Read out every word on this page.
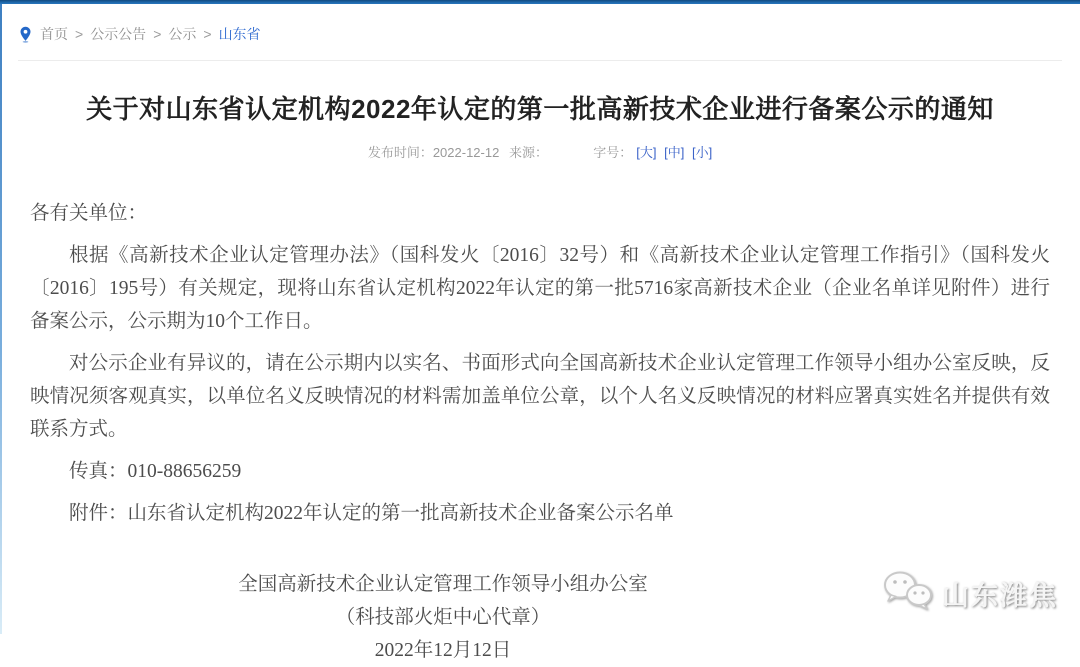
首页 > 公示公告 > 公示 > 山东省
关于对山东省认定机构2022年认定的第一批高新技术企业进行备案公示的通知
发布时间：2022-12-12 来源：	字号： [大] [中] [小]

各有关单位：

根据《高新技术企业认定管理办法》（国科发火〔2016〕32号）和《高新技术企业认定管理工作指引》（国科发火〔2016〕195号）有关规定，现将山东省认定机构2022年认定的第一批5716家高新技术企业（企业名单详见附件）进行备案公示，公示期为10个工作日。

对公示企业有异议的，请在公示期内以实名、书面形式向全国高新技术企业认定管理工作领导小组办公室反映，反映情况须客观真实，以单位名义反映情况的材料需加盖单位公章，以个人名义反映情况的材料应署真实姓名并提供有效联系方式。

传真：010-88656259

附件：山东省认定机构2022年认定的第一批高新技术企业备案公示名单

全国高新技术企业认定管理工作领导小组办公室

（科技部火炬中心代章）

2022年12月12日

山东潍焦
